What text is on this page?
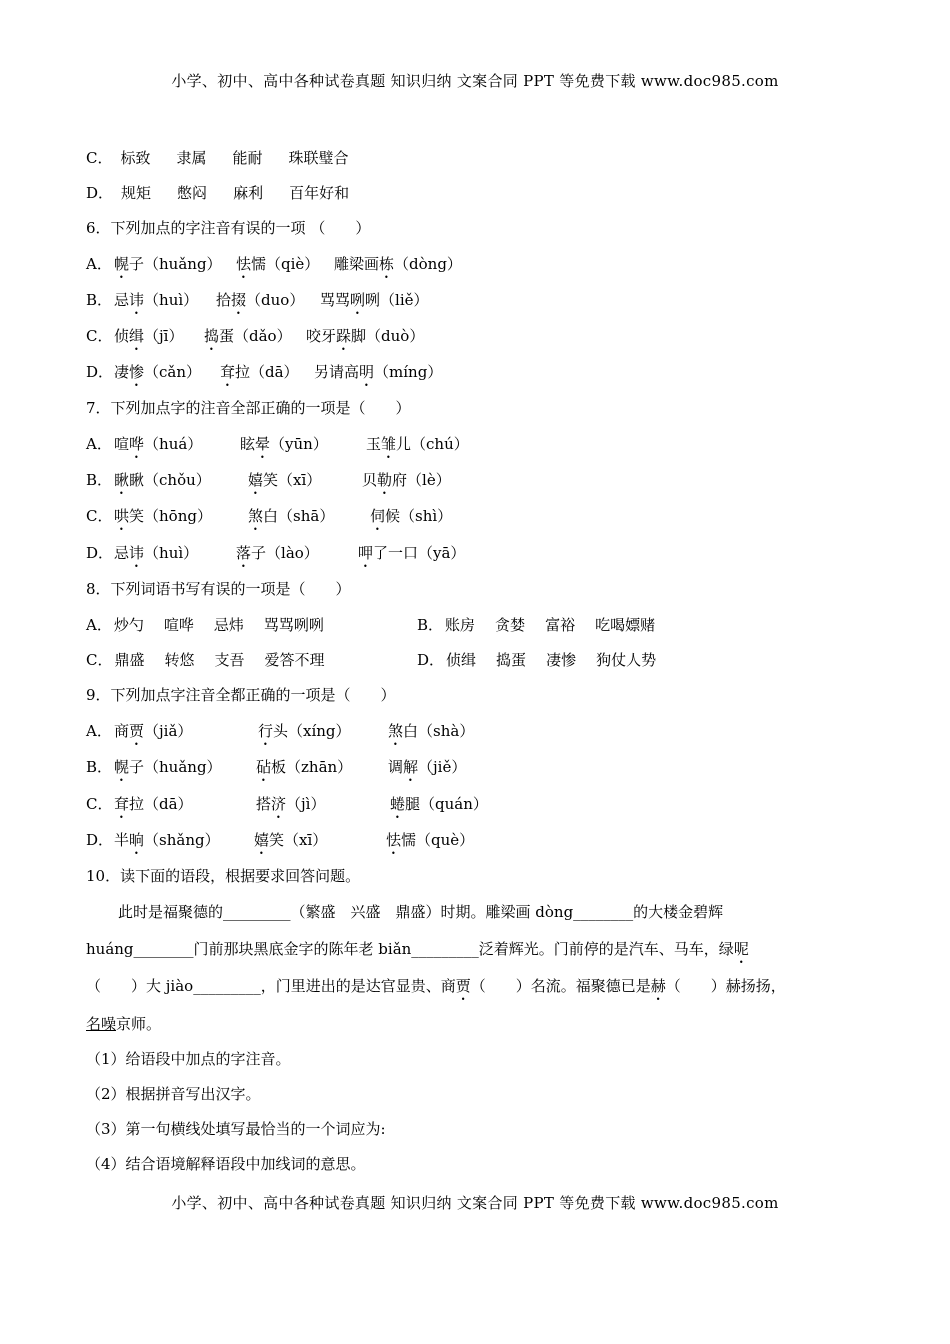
小学、初中、高中各种试卷真题 知识归纳 文案合同 PPT 等免费下载 www.doc985.com
C． 标致 隶属 能耐 珠联璧合
D． 规矩 憋闷 麻利 百年好和
6．下列加点的字注音有误的一项 （　　）
A． 幌子（huǎng） 怯懦（qiè） 雕梁画栋（dòng）
B． 忌讳（huì） 拾掇（duo） 骂骂咧咧（liě）
C． 侦缉（jī） 捣蛋（dǎo） 咬牙跺脚（duò）
D． 凄惨（cǎn） 耷拉（dā） 另请高明（míng）
7．下列加点字的注音全部正确的一项是（　　）
A． 喧哗（huá）	眩晕（yūn）	玉雏儿（chú）
B． 瞅瞅（chǒu） 嬉笑（xī）	贝勒府（lè）
C． 哄笑（hōng） 煞白（shā） 伺候（shì）
D． 忌讳（huì）	落子（lào）	呷了一口（yā）
8．下列词语书写有误的一项是（　　）
A． 炒勺 喧哗 忌炜 骂骂咧咧	B． 账房 贪婪 富裕 吃喝嫖赌
C． 鼎盛 转悠 支吾 爱答不理	D． 侦缉 捣蛋 凄惨 狗仗人势
9．下列加点字注音全都正确的一项是（　　）
A． 商贾（jiǎ）	行头（xíng） 煞白（shà）
B． 幌子（huǎng） 砧板（zhān） 调解（jiě）
C． 耷拉（dā）	搭济（jì）	蜷腿（quán）
D． 半晌（shǎng） 嬉笑（xī）	怯懦（què）
10．读下面的语段，根据要求回答问题。
此时是福聚德的_________（繁盛　兴盛　鼎盛）时期。雕梁画 dòng________的大楼金碧辉
huáng________门前那块黑底金字的陈年老 biǎn_________泛着辉光。门前停的是汽车、马车，绿呢
（　　）大 jiào_________，门里进出的是达官显贵、商贾（　　）名流。福聚德已是赫（　　）赫扬扬，
名噪京师。
（1）给语段中加点的字注音。
（2）根据拼音写出汉字。
（3）第一句横线处填写最恰当的一个词应为:
（4）结合语境解释语段中加线词的意思。
小学、初中、高中各种试卷真题 知识归纳 文案合同 PPT 等免费下载 www.doc985.com
